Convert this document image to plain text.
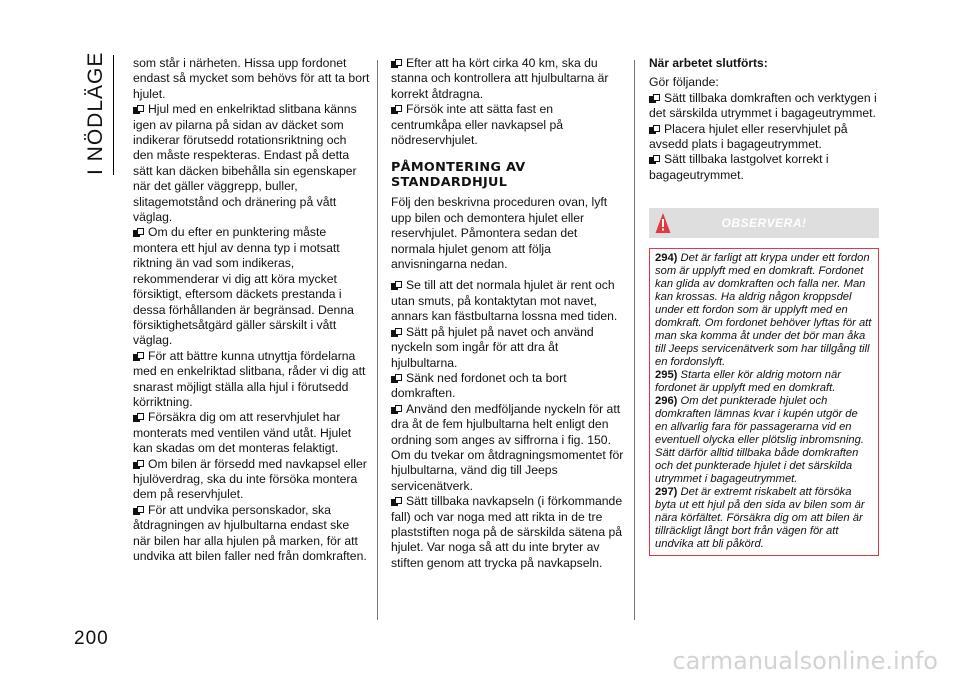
I NÖDLÄGE
200
carmanualsonline.info

som står i närheten. Hissa upp fordonet endast så mycket som behövs för att ta bort hjulet.

Hjul med en enkelriktad slitbana känns igen av pilarna på sidan av däcket som indikerar förutsedd rotationsriktning och den måste respekteras. Endast på detta sätt kan däcken bibehålla sin egenskaper när det gäller väggrepp, buller, slitagemotstånd och dränering på vått väglag.

Om du efter en punktering måste montera ett hjul av denna typ i motsatt riktning än vad som indikeras, rekommenderar vi dig att köra mycket försiktigt, eftersom däckets prestanda i dessa förhållanden är begränsad. Denna försiktighetsåtgärd gäller särskilt i vått väglag.

För att bättre kunna utnyttja fördelarna med en enkelriktad slitbana, råder vi dig att snarast möjligt ställa alla hjul i förutsedd körriktning.

Försäkra dig om att reservhjulet har monterats med ventilen vänd utåt. Hjulet kan skadas om det monteras felaktigt.

Om bilen är försedd med navkapsel eller hjulöverdrag, ska du inte försöka montera dem på reservhjulet.

För att undvika personskador, ska åtdragningen av hjulbultarna endast ske när bilen har alla hjulen på marken, för att undvika att bilen faller ned från domkraften.

Efter att ha kört cirka 40 km, ska du stanna och kontrollera att hjulbultarna är korrekt åtdragna.

Försök inte att sätta fast en centrumkåpa eller navkapsel på nödreservhjulet.

PÅMONTERING AV STANDARDHJUL

Följ den beskrivna proceduren ovan, lyft upp bilen och demontera hjulet eller reservhjulet. Påmontera sedan det normala hjulet genom att följa anvisningarna nedan.

Se till att det normala hjulet är rent och utan smuts, på kontaktytan mot navet, annars kan fästbultarna lossna med tiden.

Sätt på hjulet på navet och använd nyckeln som ingår för att dra åt hjulbultarna.

Sänk ned fordonet och ta bort domkraften.

Använd den medföljande nyckeln för att dra åt de fem hjulbultarna helt enligt den ordning som anges av siffrorna i fig. 150. Om du tvekar om åtdragningsmomentet för hjulbultarna, vänd dig till Jeeps servicenätverk.

Sätt tillbaka navkapseln (i förkommande fall) och var noga med att rikta in de tre plaststiften noga på de särskilda sätena på hjulet. Var noga så att du inte bryter av stiften genom att trycka på navkapseln.

När arbetet slutförts:

Gör följande:

Sätt tillbaka domkraften och verktygen i det särskilda utrymmet i bagageutrymmet.

Placera hjulet eller reservhjulet på avsedd plats i bagageutrymmet.

Sätt tillbaka lastgolvet korrekt i bagageutrymmet.

OBSERVERA!

294) Det är farligt att krypa under ett fordon som är upplyft med en domkraft. Fordonet kan glida av domkraften och falla ner. Man kan krossas. Ha aldrig någon kroppsdel under ett fordon som är upplyft med en domkraft. Om fordonet behöver lyftas för att man ska komma åt under det bör man åka till Jeeps servicenätverk som har tillgång till en fordonslyft.

295) Starta eller kör aldrig motorn när fordonet är upplyft med en domkraft.

296) Om det punkterade hjulet och domkraften lämnas kvar i kupén utgör de en allvarlig fara för passagerarna vid en eventuell olycka eller plötslig inbromsning. Sätt därför alltid tillbaka både domkraften och det punkterade hjulet i det särskilda utrymmet i bagageutrymmet.

297) Det är extremt riskabelt att försöka byta ut ett hjul på den sida av bilen som är nära körfältet. Försäkra dig om att bilen är tillräckligt långt bort från vägen för att undvika att bli påkörd.
